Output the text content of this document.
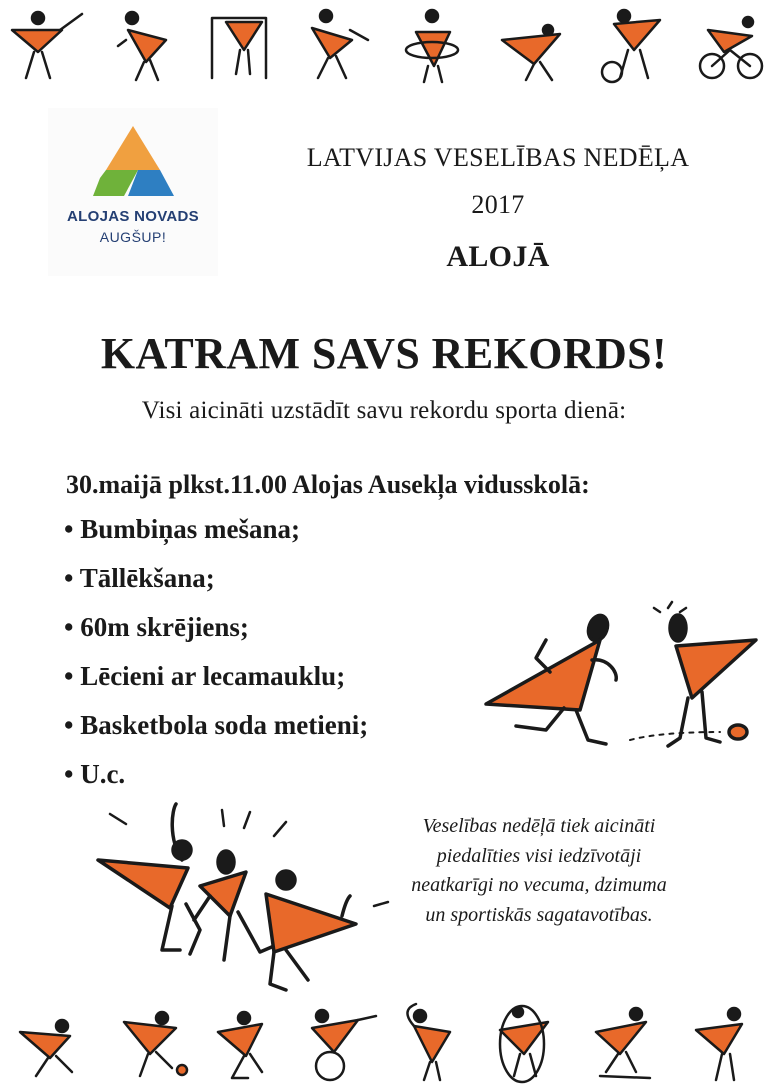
ALOJAS NOVADS
AUGŠUP!
LATVIJAS VESELĪBAS NEDĒĻA
2017
ALOJĀ
KATRAM SAVS REKORDS!
Visi aicināti uzstādīt savu rekordu sporta dienā:
30.maijā plkst.11.00 Alojas Ausekļa vidusskolā:
• Bumbiņas mešana;
• Tāllēkšana;
• 60m skrējiens;
• Lēcieni ar lecamauklu;
• Basketbola soda metieni;
• U.c.
Veselības nedēļā tiek aicināti piedalīties visi iedzīvotāji neatkarīgi no vecuma, dzimuma un sportiskās sagatavotības.
